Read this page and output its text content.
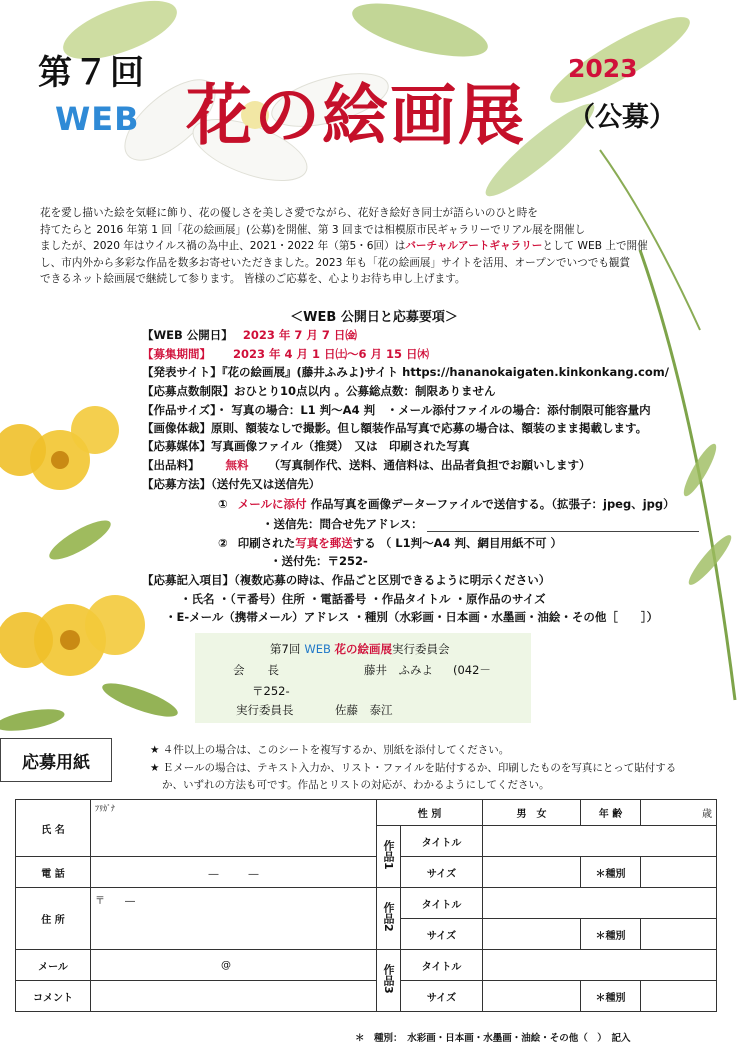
第７回
WEB 花の絵画展
2023
（公募）

花を愛し描いた絵を気軽に飾り、花の優しさを美しさ愛でながら、花好き絵好き同士が語らいのひと時を

持てたらと 2016 年第 1 回「花の絵画展」(公募)を開催、第 3 回までは相模原市民ギャラリーでリアル展を開催し

ましたが、2020 年はウイルス禍の為中止、2021・2022 年（第5・6回）はバーチャルアートギャラリーとして WEB 上で開催

し、市内外から多彩な作品を数多お寄せいただきました。2023 年も「花の絵画展」サイトを活用、オープンでいつでも観賞

できるネット絵画展で継続して参ります。 皆様のご応募を、心よりお待ち申し上げます。

＜WEB 公開日と応募要項＞
【WEB 公開日】 2023 年 7 月 7 日㈮
【募集期間】 2023 年 4 月 1 日㈯～6 月 15 日㈭
【発表サイト】『花の絵画展』(藤井ふみよ)サイト https://hananokaigaten.kinkonkang.com/
【応募点数制限】おひとり10点以内 。公募総点数：制限ありません
【作品サイズ】・ 写真の場合：L1 判～A4 判　・メール添付ファイルの場合：添付制限可能容量内
【画像体裁】原則、額装なしで撮影。但し額装作品写真で応募の場合は、額装のまま掲載します。
【応募媒体】写真画像ファイル（推奨）　又は　印刷された写真
【出品料】 無料 （写真制作代、送料、通信料は、出品者負担でお願いします）
【応募方法】（送付先又は送信先）
① メールに添付 作品写真を画像データーファイルで送信する。（拡張子：jpeg、jpg）
・送信先：問合せ先アドレス：
② 印刷された写真を郵送する （ L1判～A4 判、網目用紙不可 ）
・送付先：〒252-
【応募記入項目】（複数応募の時は、作品ごと区別できるように明示ください）
・氏名 ・（〒番号）住所 ・電話番号 ・作品タイトル ・原作品のサイズ
・E-メール（携帯メール）アドレス ・種別（水彩画・日本画・水墨画・油絵・その他［　　］）
第7回 WEB 花の絵画展実行委員会
会　　長	藤井　ふみよ (042－
〒252-
実行委員長	佐藤　泰江
応募用紙
★ ４件以上の場合は、このシートを複写するか、別紙を添付してください。
★ Ｅメールの場合は、テキスト入力か、リスト・ファイルを貼付するか、印刷したものを写真にとって貼付する
か、いずれの方法も可です。作品とリストの対応が、わかるようにしてください。
氏 名	ﾌﾘｶﾞﾅ	性 別		男　女	年 齢	歳
		作品1	タイトル			
電 話	―　　　―		サイズ		＊種別	
住 所	〒　　―	作品2	タイトル			
			サイズ		＊種別	
メール	@	作品3	タイトル			
コメント			サイズ		＊種別	
＊　種別：　水彩画・日本画・水墨画・油絵・その他（　）　記入
